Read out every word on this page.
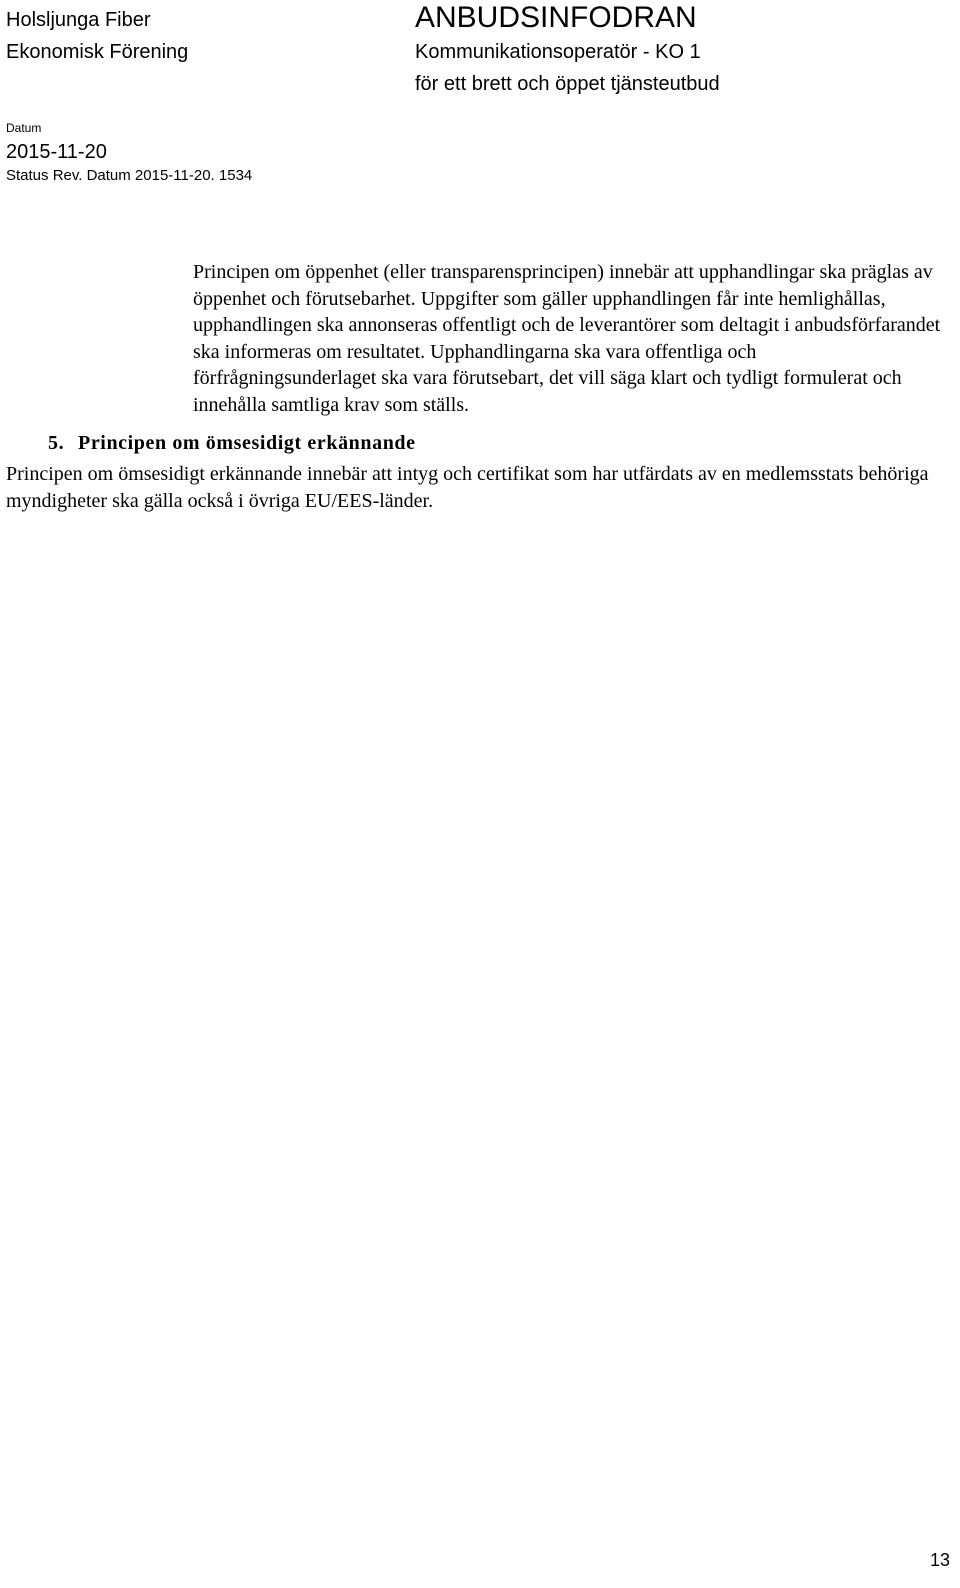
Holsljunga Fiber
Ekonomisk Förening
ANBUDSINFODRAN
Kommunikationsoperatör - KO 1
för ett brett och öppet tjänsteutbud
Datum
2015-11-20
Status Rev. Datum 2015-11-20. 1534

Principen om öppenhet (eller transparensprincipen) innebär att upphandlingar ska präglas av öppenhet och förutsebarhet. Uppgifter som gäller upphandlingen får inte hemlighållas, upphandlingen ska annonseras offentligt och de leverantörer som deltagit i anbudsförfarandet ska informeras om resultatet. Upphandlingarna ska vara offentliga och förfrågningsunderlaget ska vara förutsebart, det vill säga klart och tydligt formulerat och innehålla samtliga krav som ställs.

5. Principen om ömsesidigt erkännande

Principen om ömsesidigt erkännande innebär att intyg och certifikat som har utfärdats av en medlemsstats behöriga myndigheter ska gälla också i övriga EU/EES-länder.

13
